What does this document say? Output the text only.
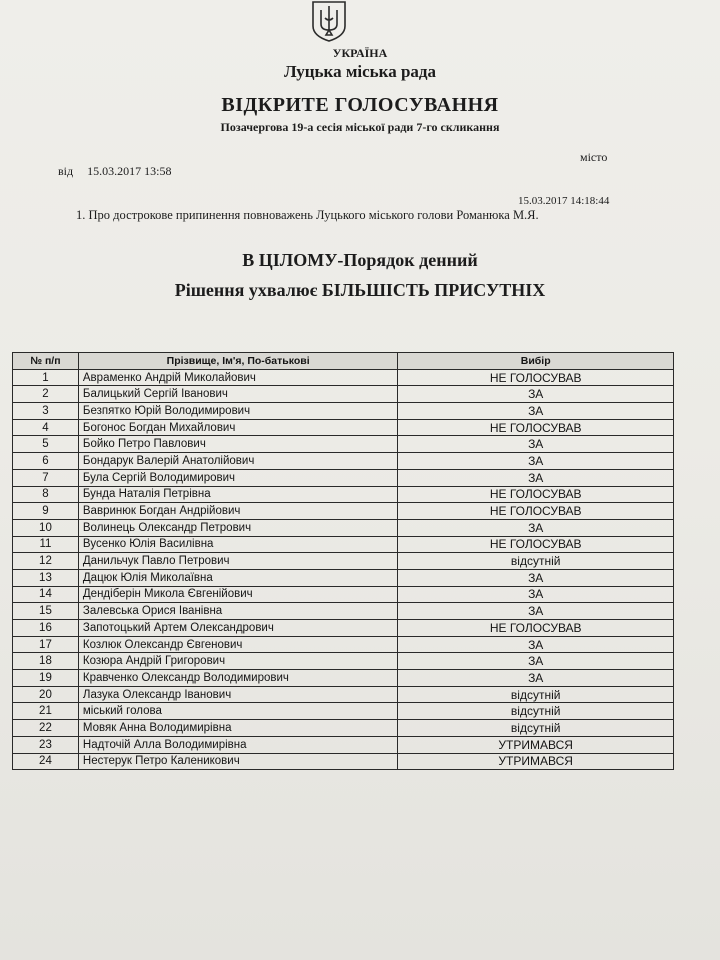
УКРАЇНА
Луцька міська рада
ВІДКРИТЕ ГОЛОСУВАННЯ
Позачергова 19-а сесія міської ради 7-го скликання
місто
від 15.03.2017 13:58
15.03.2017 14:18:44
1. Про дострокове припинення повноважень Луцького міського голови Романюка М.Я.
В ЦІЛОМУ-Порядок денний
Рішення ухвалює БІЛЬШІСТЬ ПРИСУТНІХ
№ п/п	Прізвище, Ім'я, По-батькові	Вибір
1	Авраменко Андрій Миколайович	НЕ ГОЛОСУВАВ
2	Балицький Сергій Іванович	ЗА
3	Безпятко Юрій Володимирович	ЗА
4	Богонос Богдан Михайлович	НЕ ГОЛОСУВАВ
5	Бойко Петро Павлович	ЗА
6	Бондарук Валерій Анатолійович	ЗА
7	Була Сергій Володимирович	ЗА
8	Бунда Наталія Петрівна	НЕ ГОЛОСУВАВ
9	Вавринюк Богдан Андрійович	НЕ ГОЛОСУВАВ
10	Волинець Олександр Петрович	ЗА
11	Вусенко Юлія Василівна	НЕ ГОЛОСУВАВ
12	Данильчук Павло Петрович	відсутній
13	Дацюк Юлія Миколаївна	ЗА
14	Дендіберін Микола Євгенійович	ЗА
15	Залевська Орися Іванівна	ЗА
16	Запотоцький Артем Олександрович	НЕ ГОЛОСУВАВ
17	Козлюк Олександр Євгенович	ЗА
18	Козюра Андрій Григорович	ЗА
19	Кравченко Олександр Володимирович	ЗА
20	Лазука Олександр Іванович	відсутній
21	міський голова	відсутній
22	Мовяк Анна Володимирівна	відсутній
23	Надточій Алла Володимирівна	УТРИМАВСЯ
24	Нестерук Петро Каленикович	УТРИМАВСЯ
